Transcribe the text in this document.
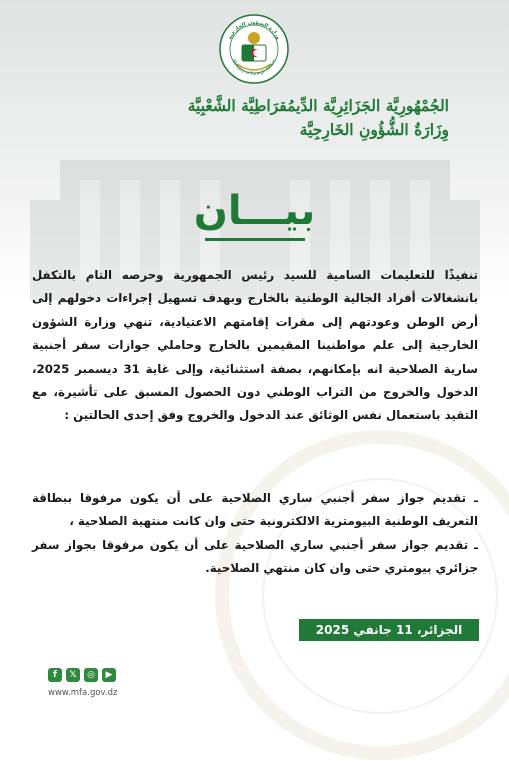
وزارة الشؤون الخارجية
Ministry of Foreign Affairs
الجُمْهُورِيَّة الجَزَائِرِيَّة الدِّيمُقرَاطِيَّة الشَّعْبِيَّة
وِزَارَةُ الشُّؤُونِ الخَارِجِيَّة
بيـــان
تنفيذًا للتعليمات السامية للسيد رئيس الجمهورية وحرصه التام بالتكفل بانشغالات أفراد الجالية الوطنية بالخارج وبهدف تسهيل إجراءات دخولهم إلى أرض الوطن وعودتهم إلى مقرات إقامتهم الاعتيادية، تنهي وزارة الشؤون الخارجية إلى علم مواطنينا المقيمين بالخارج وحاملي جوازات سفر أجنبية سارية الصلاحية انه بإمكانهم، بصفة استثنائية، وإلى غاية 31 ديسمبر 2025، الدخول والخروج من التراب الوطني دون الحصول المسبق على تأشيرة، مع التقيد باستعمال نفس الوثائق عند الدخول والخروج وفق إحدى الحالتين :
ـ تقديم جواز سفر أجنبي ساري الصلاحية على أن يكون مرفوقا ببطاقة التعريف الوطنية البيومترية الالكترونية حتى وان كانت منتهية الصلاحية ،
ـ تقديم جواز سفر أجنبي ساري الصلاحية على أن يكون مرفوقا بجواز سفر جزائري بيومتري حتى وان كان منتهي الصلاحية.
الجزائر، 11 جانفي 2025
f	𝕏	◎	▶
www.mfa.gov.dz
